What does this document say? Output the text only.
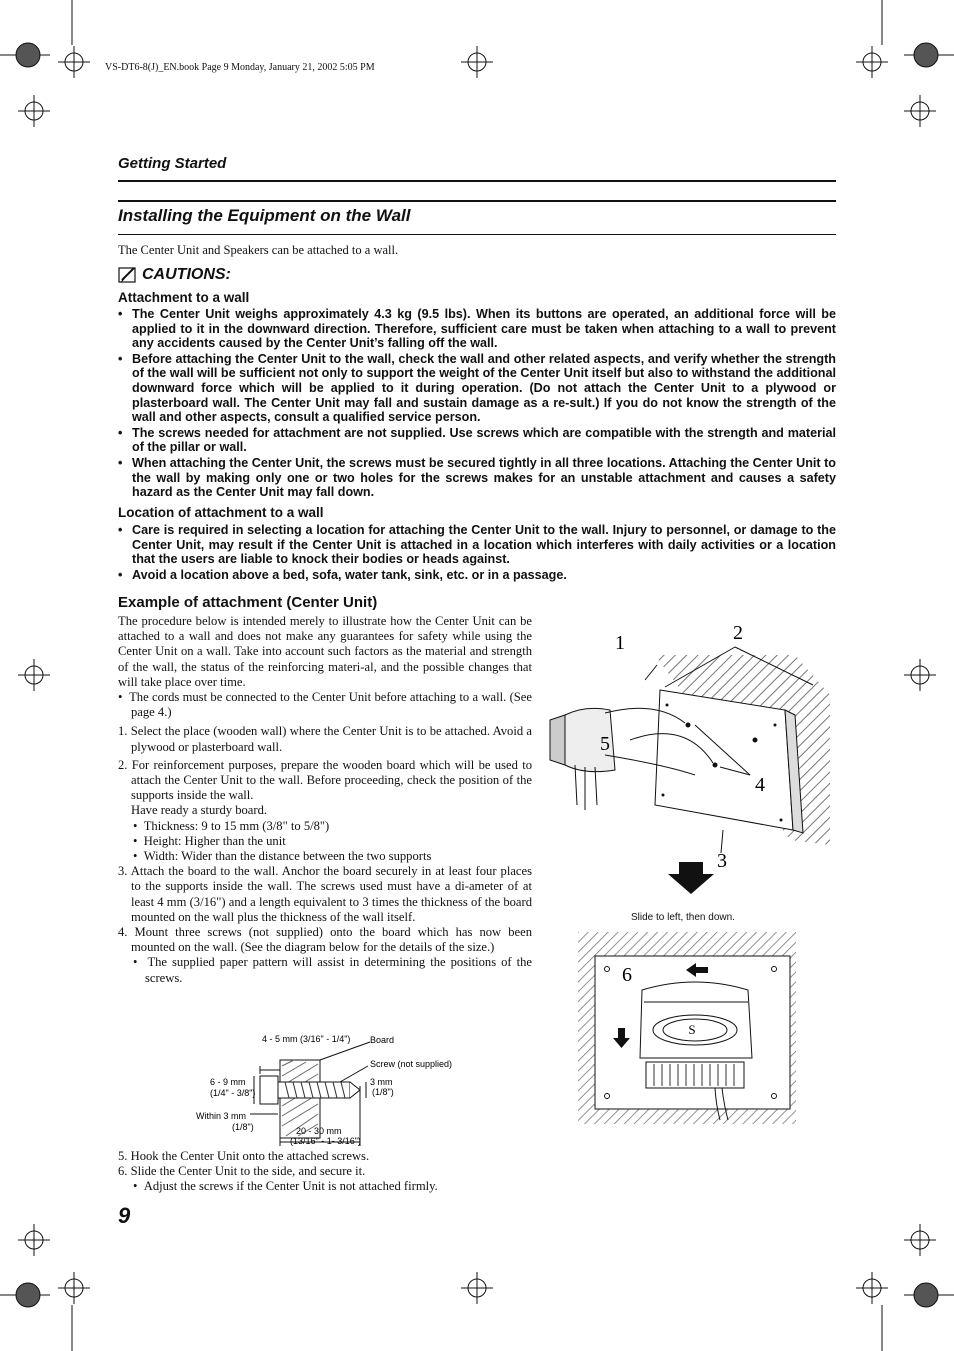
VS-DT6-8(J)_EN.book Page 9 Monday, January 21, 2002 5:05 PM
Getting Started
Installing the Equipment on the Wall
The Center Unit and Speakers can be attached to a wall.
CAUTIONS:
Attachment to a wall
• The Center Unit weighs approximately 4.3 kg (9.5 lbs). When its buttons are operated, an additional force will be applied to it in the downward direction. Therefore, sufficient care must be taken when attaching to a wall to prevent any accidents caused by the Center Unit’s falling off the wall.
• Before attaching the Center Unit to the wall, check the wall and other related aspects, and verify whether the strength of the wall will be sufficient not only to support the weight of the Center Unit itself but also to withstand the additional downward force which will be applied to it during operation. (Do not attach the Center Unit to a plywood or plasterboard wall. The Center Unit may fall and sustain damage as a re-sult.) If you do not know the strength of the wall and other aspects, consult a qualified service person.
• The screws needed for attachment are not supplied. Use screws which are compatible with the strength and material of the pillar or wall.
• When attaching the Center Unit, the screws must be secured tightly in all three locations. Attaching the Center Unit to the wall by making only one or two holes for the screws makes for an unstable attachment and causes a safety hazard as the Center Unit may fall down.
Location of attachment to a wall
• Care is required in selecting a location for attaching the Center Unit to the wall. Injury to personnel, or damage to the Center Unit, may result if the Center Unit is attached in a location which interferes with daily activities or a location that the users are liable to knock their bodies or heads against.
• Avoid a location above a bed, sofa, water tank, sink, etc. or in a passage.
Example of attachment (Center Unit)

The procedure below is intended merely to illustrate how the Center Unit can be attached to a wall and does not make any guarantees for safety while using the Center Unit on a wall. Take into account such factors as the material and strength of the wall, the status of the reinforcing materi-al, and the possible changes that will take place over time.

•  The cords must be connected to the Center Unit before attaching to a wall. (See page 4.)

1. Select the place (wooden wall) where the Center Unit is to be attached. Avoid a plywood or plasterboard wall.

2. For reinforcement purposes, prepare the wooden board which will be used to attach the Center Unit to the wall. Before proceeding, check the position of the supports inside the wall.

Have ready a sturdy board.

•  Thickness: 9 to 15 mm (3/8" to 5/8")

•  Height: Higher than the unit

•  Width: Wider than the distance between the two supports

3. Attach the board to the wall. Anchor the board securely in at least four places to the supports inside the wall. The screws used must have a di-ameter of at least 4 mm (3/16") and a length equivalent to 3 times the thickness of the board mounted on the wall plus the thickness of the wall itself.

4. Mount three screws (not supplied) onto the board which has now been mounted on the wall. (See the diagram below for the details of the size.)

•  The supplied paper pattern will assist in determining the positions of the screws.

4 - 5 mm (3/16" - 1/4") Board
Screw (not supplied)
6 - 9 mm
(1/4" - 3/8")
3 mm
(1/8")
Within 3 mm
(1/8")	20 - 30 mm
(13/16" - 1- 3/16")

5. Hook the Center Unit onto the attached screws.

6. Slide the Center Unit to the side, and secure it.

•  Adjust the screws if the Center Unit is not attached firmly.

9
1	2
3
4
5
Slide to left, then down.
S
6
